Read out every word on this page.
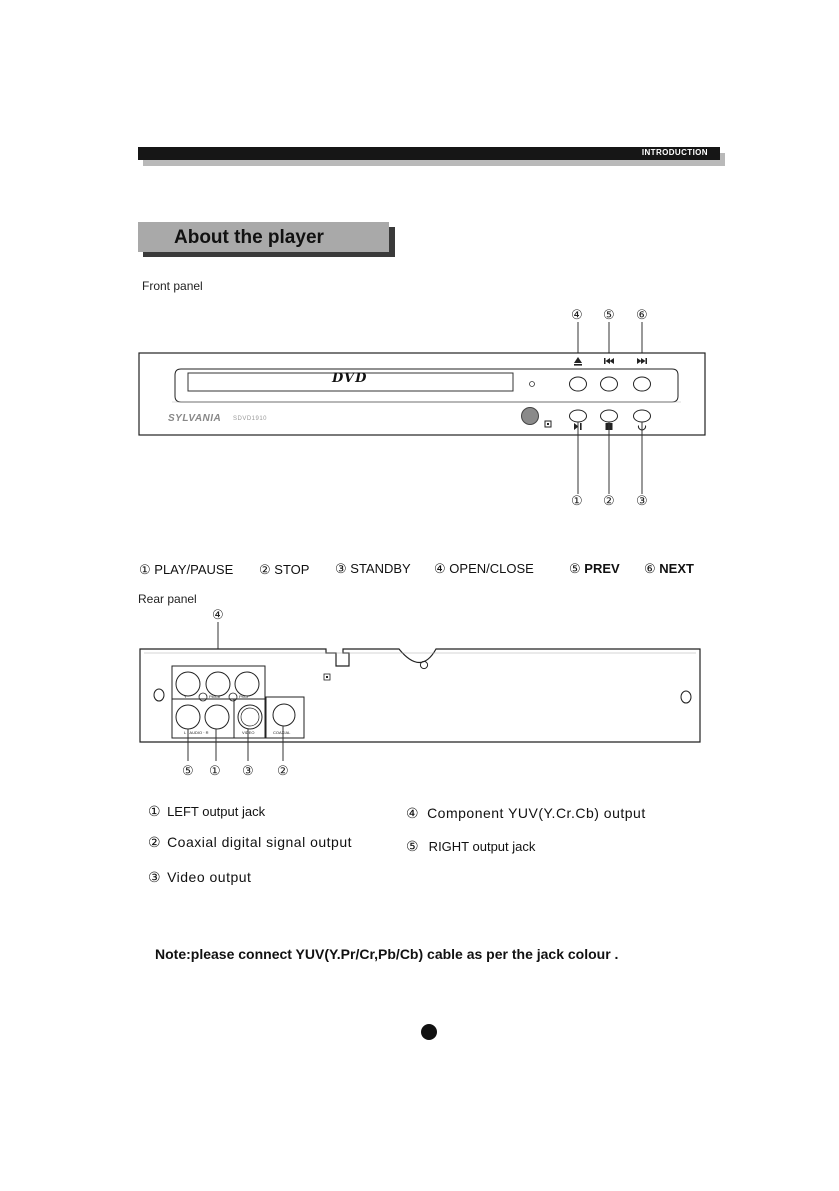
INTRODUCTION
About the player
Front panel
④ ⑤ ⑥
DVD
SYLVANIA SDVD1910
① ② ③
① PLAY/PAUSE ② STOP ③ STANDBY ④ OPEN/CLOSE	⑤ PREV ⑥ NEXT
Rear panel
④
Y	Pb/Cb	Pr/Cr
L · AUDIO · R	VIDEO	COAXIAL
⑤ ① ③ ②
① LEFT output jack
② Coaxial digital signal output
③ Video output
④ Component YUV(Y.Cr.Cb) output
⑤ RIGHT output jack
Note:please connect YUV(Y.Pr/Cr,Pb/Cb) cable as per the jack colour .
